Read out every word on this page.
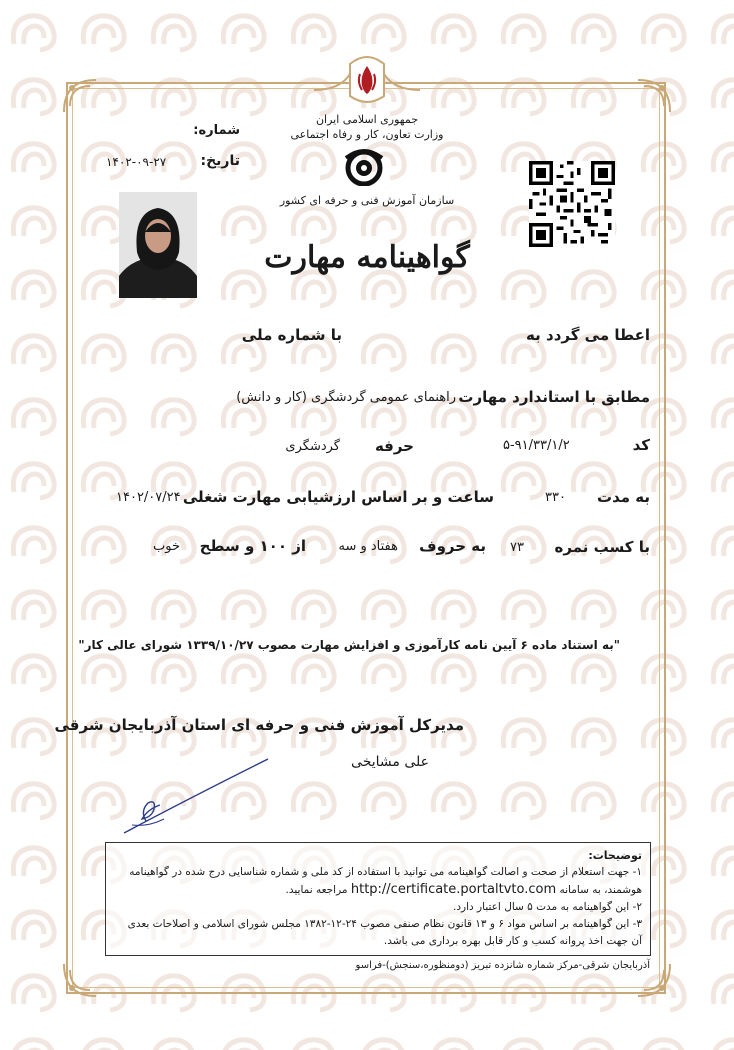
جمهوری اسلامی ایران
وزارت تعاون، کار و رفاه اجتماعی
سازمان آموزش فنی و حرفه ای کشور
شماره:
تاریخ:
۱۴۰۲-۰۹-۲۷
گواهینامه مهارت
اعطا می گردد به
با شماره ملی
مطابق با استاندارد مهارت
راهنمای عمومی گردشگری (کار و دانش)
کد
۵-۹۱/۳۳/۱/۲
حرفه
گردشگری
به مدت
۳۳۰
ساعت و بر اساس ارزشیابی مهارت شغلی
۱۴۰۲/۰۷/۲۴
با کسب نمره
۷۳
به حروف
هفتاد و سه
از ۱۰۰ و سطح
خوب
"به استناد ماده ۶ آیین نامه کارآموزی و افزایش مهارت مصوب ۱۳۳۹/۱۰/۲۷ شورای عالی کار"
مدیرکل آموزش فنی و حرفه ای استان آذربایجان شرقی
علی مشایخی
توضیحات:

۱- جهت استعلام از صحت و اصالت گواهینامه می توانید با استفاده از کد ملی و شماره شناسایی درج شده در گواهینامه هوشمند، به سامانه http://certificate.portaltvto.com مراجعه نمایید.

۲- این گواهینامه به مدت ۵ سال اعتبار دارد.

۳- این گواهینامه بر اساس مواد ۶ و ۱۳ قانون نظام صنفی مصوب ۲۴-۱۲-۱۳۸۲ مجلس شورای اسلامی و اصلاحات بعدی آن جهت اخذ پروانه کسب و کار قابل بهره برداری می باشد.

آذربایجان شرقی-مرکز شماره شانزده تبریز (دومنظوره،سنجش)-فراسو
